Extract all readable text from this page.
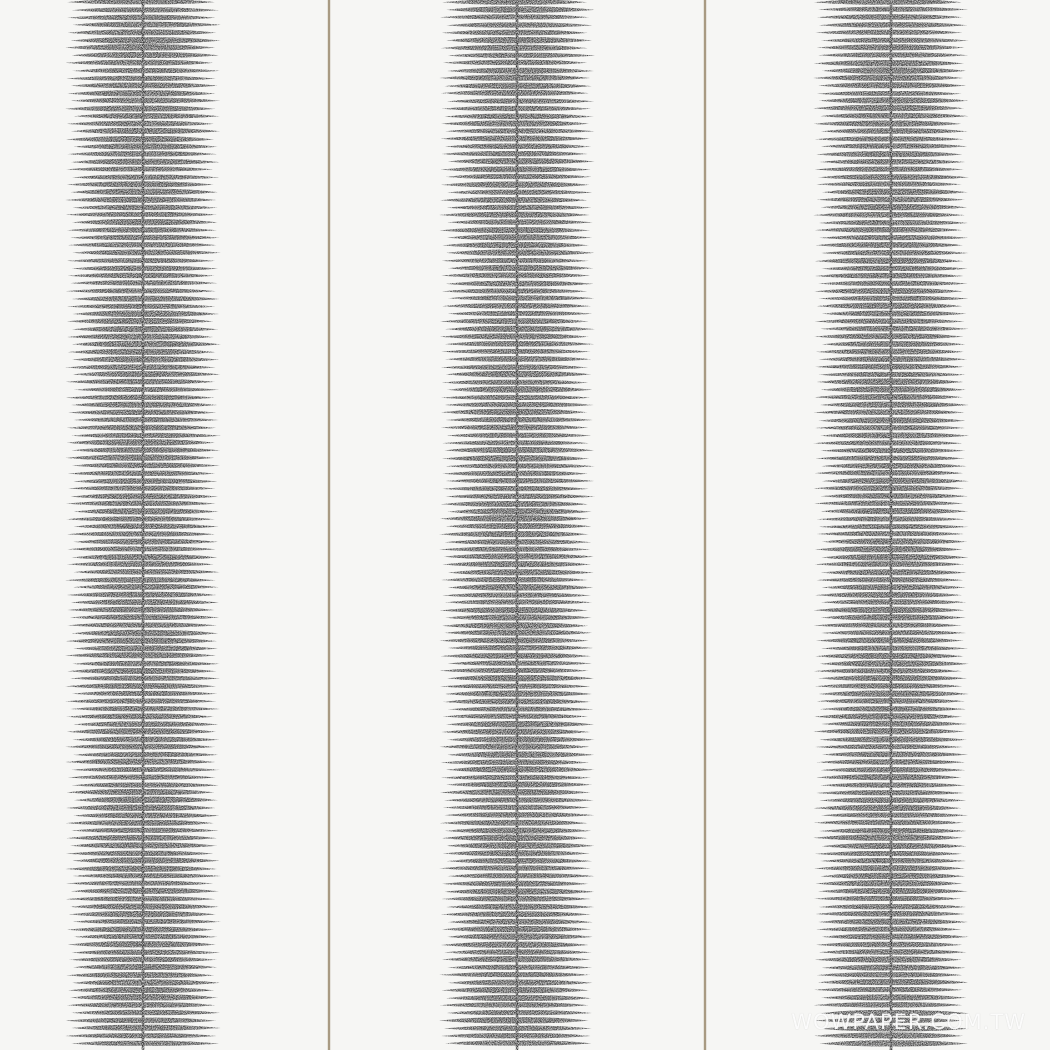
WOWPAPER.COM.TW
